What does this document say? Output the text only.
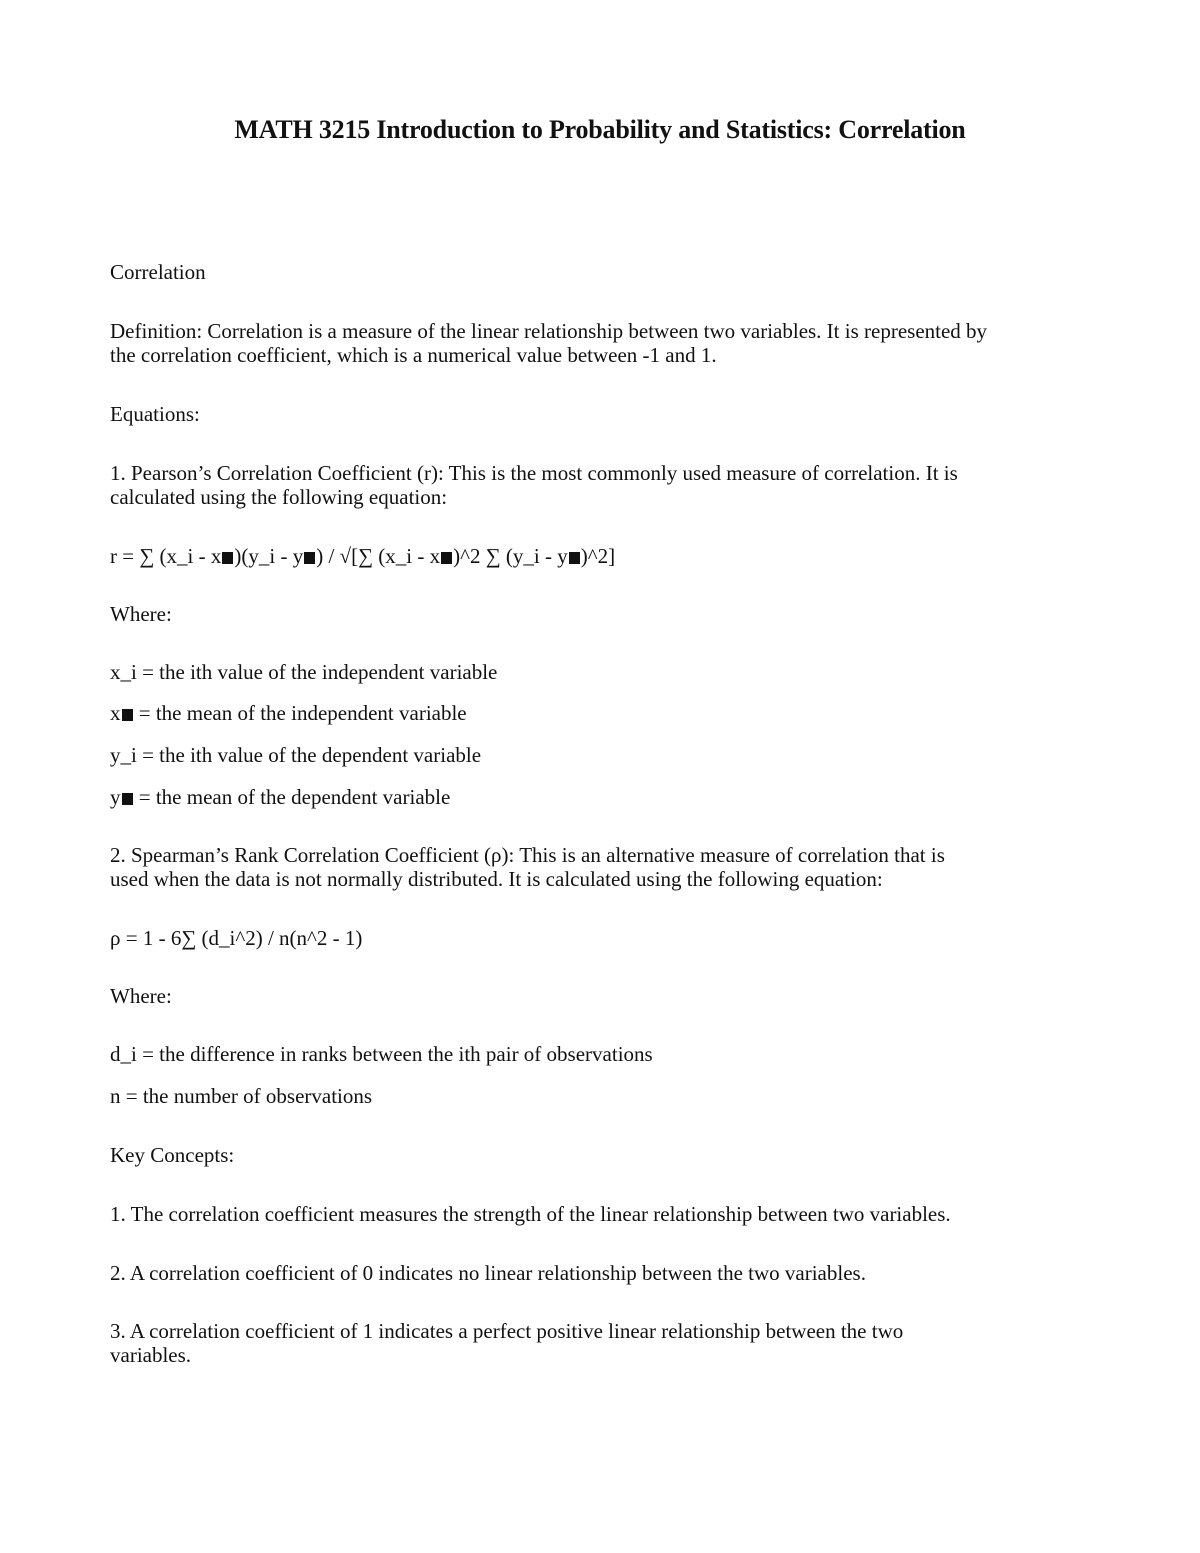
MATH 3215 Introduction to Probability and Statistics: Correlation
Correlation
Definition: Correlation is a measure of the linear relationship between two variables. It is represented by
the correlation coefficient, which is a numerical value between -1 and 1.
Equations:
1. Pearson’s Correlation Coefficient (r): This is the most commonly used measure of correlation. It is
calculated using the following equation:
r = ∑ (x_i - x )(y_i - y ) / √[∑ (x_i - x )^2 ∑ (y_i - y )^2]
Where:
x_i = the ith value of the independent variable
x = the mean of the independent variable
y_i = the ith value of the dependent variable
y = the mean of the dependent variable
2. Spearman’s Rank Correlation Coefficient (ρ): This is an alternative measure of correlation that is
used when the data is not normally distributed. It is calculated using the following equation:
ρ = 1 - 6∑ (d_i^2) / n(n^2 - 1)
Where:
d_i = the difference in ranks between the ith pair of observations
n = the number of observations
Key Concepts:
1. The correlation coefficient measures the strength of the linear relationship between two variables.
2. A correlation coefficient of 0 indicates no linear relationship between the two variables.
3. A correlation coefficient of 1 indicates a perfect positive linear relationship between the two
variables.
